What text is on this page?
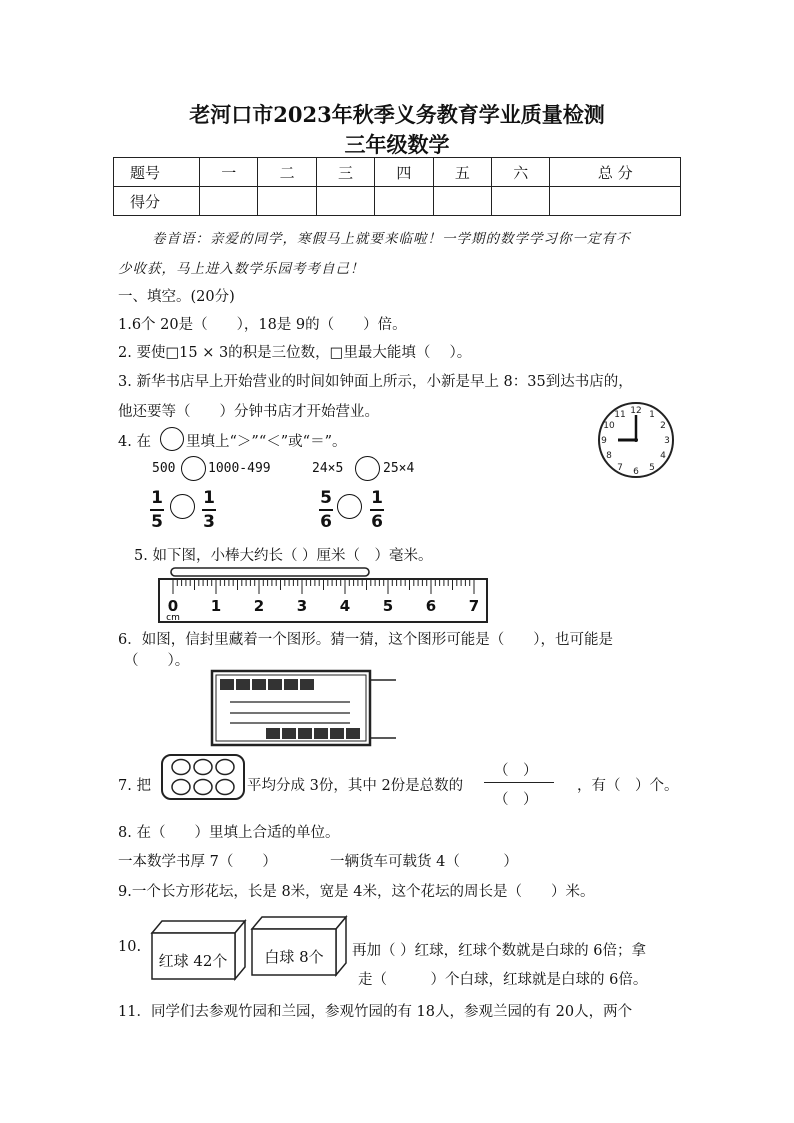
老河口市2023年秋季义务教育学业质量检测
三年级数学
题号	一	二	三	四	五	六	总 分
得分							
卷首语：亲爱的同学，寒假马上就要来临啦！一学期的数学学习你一定有不
少收获，马上进入数学乐园考考自己！
一、填空。(20分)
1.6个 20是（　　），18是 9的（　　）倍。
2. 要使□15 × 3的积是三位数，□里最大能填（　 ）。
3. 新华书店早上开始营业的时间如钟面上所示，小新是早上 8：35到达书店的，
他还要等（　　）分钟书店才开始营业。	12 1
2
3
4
5
6
7
8
9
10
11
4. 在 里填上“＞”“＜”或“＝”。
500	1000-499	24×5	25×4
1
5
1
3
5
6
1
6
5. 如下图，小棒大约长（ ）厘米（　）毫米。
0 1 2 3 4 5 6 7
cm
6．如图，信封里藏着一个图形。猜一猜，这个图形可能是（　　），也可能是
（　　）。
7. 把	平均分成 3份，其中 2份是总数的
（　）
（　）
，有（　）个。
8. 在（　　）里填上合适的单位。
一本数学书厚 7（　　）	一辆货车可载货 4（　　　）
9.一个长方形花坛，长是 8米，宽是 4米，这个花坛的周长是（　　）米。
10.
红球 42个 白球 8个 再加（ ）红球，红球个数就是白球的 6倍；拿
走（　　　）个白球，红球就是白球的 6倍。
11．同学们去参观竹园和兰园，参观竹园的有 18人，参观兰园的有 20人，两个
